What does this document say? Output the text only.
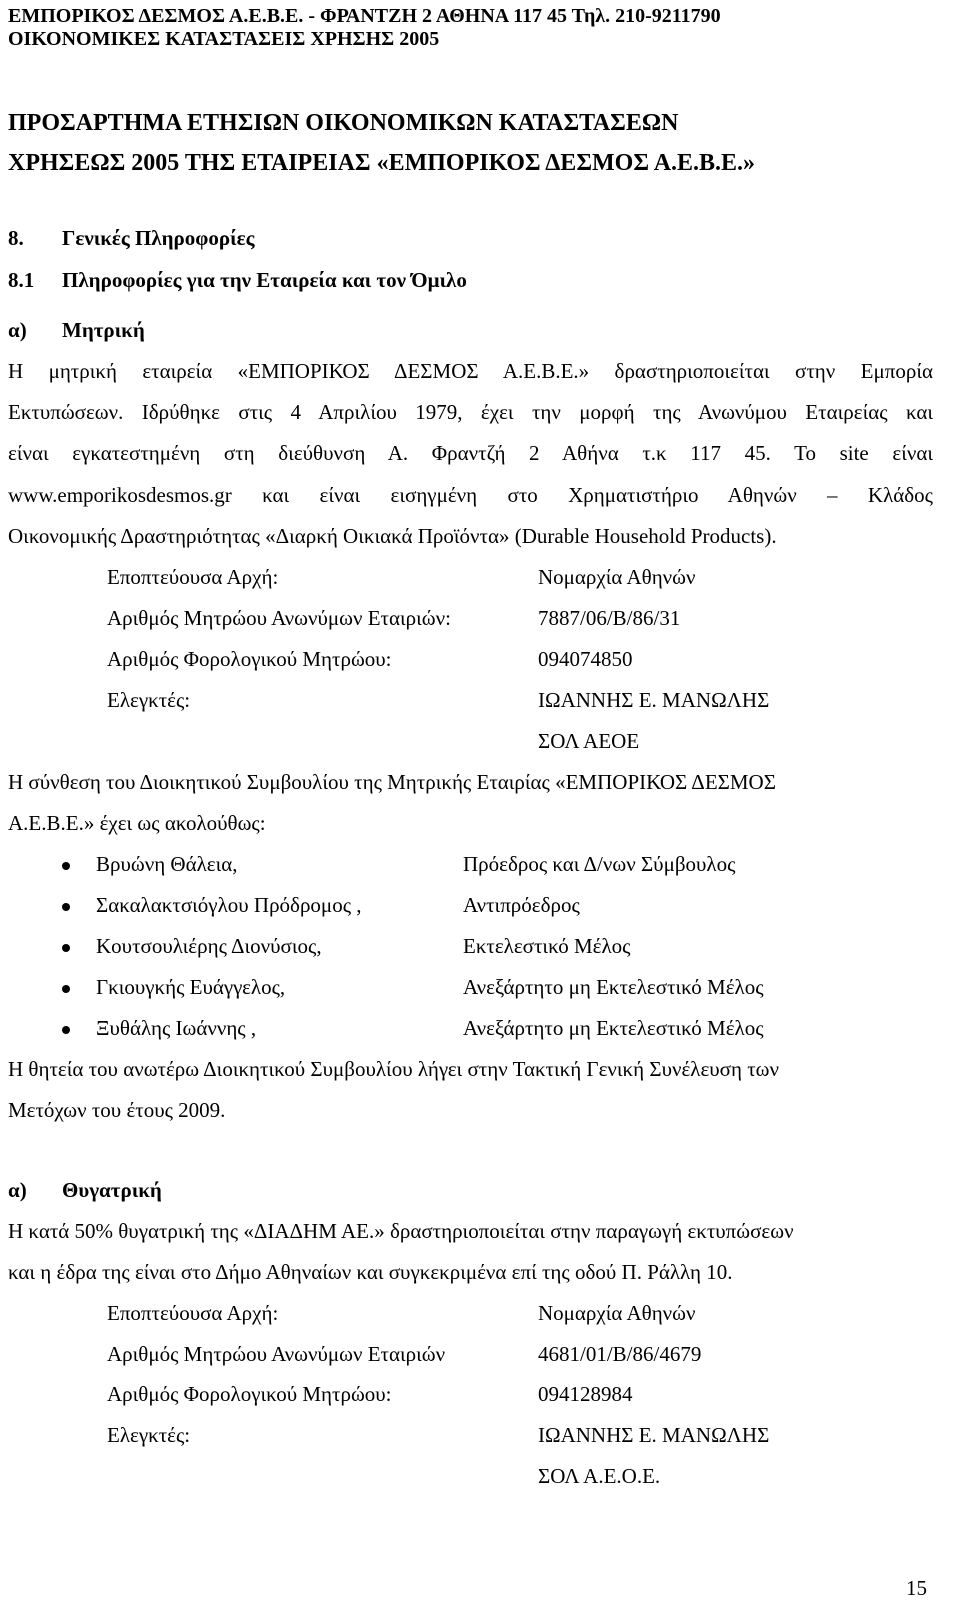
ΕΜΠΟΡΙΚΟΣ ΔΕΣΜΟΣ Α.Ε.Β.Ε. - ΦΡΑΝΤΖΗ 2 ΑΘΗΝΑ 117 45 Τηλ. 210-9211790
ΟΙΚΟΝΟΜΙΚΕΣ ΚΑΤΑΣΤΑΣΕΙΣ ΧΡΗΣΗΣ 2005
ΠΡΟΣΑΡΤΗΜΑ ΕΤΗΣΙΩΝ ΟΙΚΟΝΟΜΙΚΩΝ ΚΑΤΑΣΤΑΣΕΩΝ
ΧΡΗΣΕΩΣ 2005 ΤΗΣ ΕΤΑΙΡΕΙΑΣ «ΕΜΠΟΡΙΚΟΣ ΔΕΣΜΟΣ Α.Ε.Β.Ε.»
8. Γενικές Πληροφορίες
8.1 Πληροφορίες για την Εταιρεία και τον Όμιλο
α) Μητρική
Η μητρική εταιρεία «ΕΜΠΟΡΙΚΟΣ ΔΕΣΜΟΣ Α.Ε.Β.Ε.» δραστηριοποιείται στην Εμπορία
Εκτυπώσεων. Ιδρύθηκε στις 4 Απριλίου 1979, έχει την μορφή της Ανωνύμου Εταιρείας και
είναι εγκατεστημένη στη διεύθυνση Α. Φραντζή 2 Αθήνα τ.κ 117 45. Το site είναι
www.emporikosdesmos.gr και είναι εισηγμένη στο Χρηματιστήριο Αθηνών – Κλάδος
Οικονομικής Δραστηριότητας «Διαρκή Οικιακά Προϊόντα» (Durable Household Products).
Εποπτεύουσα Αρχή:	Νομαρχία Αθηνών
Αριθμός Μητρώου Ανωνύμων Εταιριών:	7887/06/Β/86/31
Αριθμός Φορολογικού Μητρώου:	094074850
Ελεγκτές:	ΙΩΑΝΝΗΣ Ε. ΜΑΝΩΛΗΣ
ΣΟΛ ΑΕΟΕ
Η σύνθεση του Διοικητικού Συμβουλίου της Μητρικής Εταιρίας «ΕΜΠΟΡΙΚΟΣ ΔΕΣΜΟΣ
Α.Ε.Β.Ε.» έχει ως ακολούθως:
Βρυώνη Θάλεια,	Πρόεδρος και Δ/νων Σύμβουλος
Σακαλακτσιόγλου Πρόδρομος ,	Αντιπρόεδρος
Κουτσουλιέρης Διονύσιος,	Εκτελεστικό Μέλος
Γκιουγκής Ευάγγελος,	Ανεξάρτητο μη Εκτελεστικό Μέλος
Ξυθάλης Ιωάννης ,	Ανεξάρτητο μη Εκτελεστικό Μέλος
Η θητεία του ανωτέρω Διοικητικού Συμβουλίου λήγει στην Τακτική Γενική Συνέλευση των
Μετόχων του έτους 2009.
α) Θυγατρική
Η κατά 50% θυγατρική της «ΔΙΑΔΗΜ ΑΕ.» δραστηριοποιείται στην παραγωγή εκτυπώσεων
και η έδρα της είναι στο Δήμο Αθηναίων και συγκεκριμένα επί της οδού Π. Ράλλη 10.
Εποπτεύουσα Αρχή:	Νομαρχία Αθηνών
Αριθμός Μητρώου Ανωνύμων Εταιριών	4681/01/Β/86/4679
Αριθμός Φορολογικού Μητρώου:	094128984
Ελεγκτές:	ΙΩΑΝΝΗΣ Ε. ΜΑΝΩΛΗΣ
ΣΟΛ Α.Ε.Ο.Ε.
15
